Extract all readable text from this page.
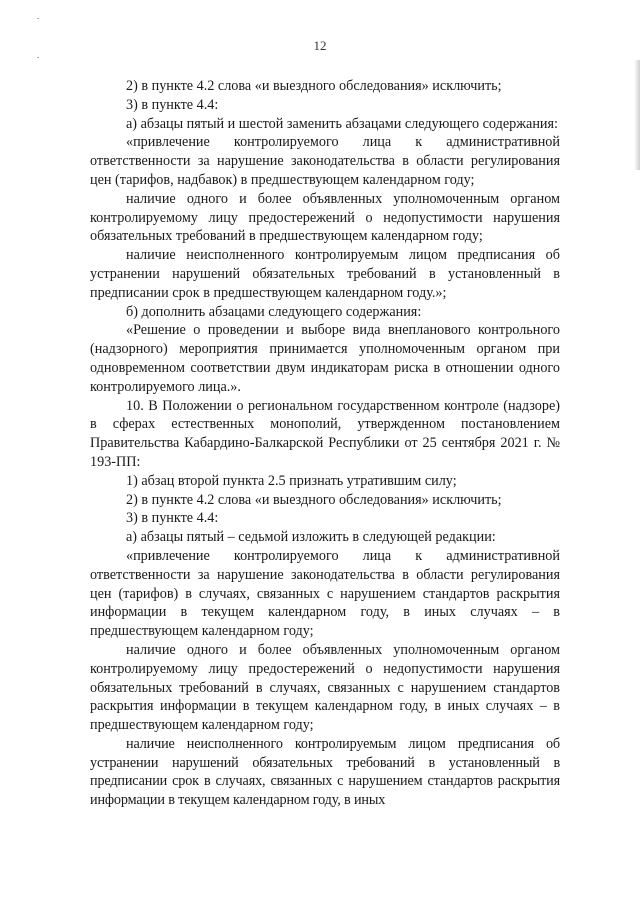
-
-
12

2) в пункте 4.2 слова «и выездного обследования» исключить;

3) в пункте 4.4:

а) абзацы пятый и шестой заменить абзацами следующего содержания:

«привлечение контролируемого лица к административной ответственности за нарушение законодательства в области регулирования цен (тарифов, надбавок) в предшествующем календарном году;

наличие одного и более объявленных уполномоченным органом контролируемому лицу предостережений о недопустимости нарушения обязательных требований в предшествующем календарном году;

наличие неисполненного контролируемым лицом предписания об устранении нарушений обязательных требований в установленный в предписании срок в предшествующем календарном году.»;

б) дополнить абзацами следующего содержания:

«Решение о проведении и выборе вида внепланового контрольного (надзорного) мероприятия принимается уполномоченным органом при одновременном соответствии двум индикаторам риска в отношении одного контролируемого лица.».

10. В Положении о региональном государственном контроле (надзоре) в сферах естественных монополий, утвержденном постановлением Правительства Кабардино-Балкарской Республики от 25 сентября 2021 г. № 193-ПП:

1) абзац второй пункта 2.5 признать утратившим силу;

2) в пункте 4.2 слова «и выездного обследования» исключить;

3) в пункте 4.4:

а) абзацы пятый – седьмой изложить в следующей редакции:

«привлечение контролируемого лица к административной ответственности за нарушение законодательства в области регулирования цен (тарифов) в случаях, связанных с нарушением стандартов раскрытия информации в текущем календарном году, в иных случаях – в предшествующем календарном году;

наличие одного и более объявленных уполномоченным органом контролируемому лицу предостережений о недопустимости нарушения обязательных требований в случаях, связанных с нарушением стандартов раскрытия информации в текущем календарном году, в иных случаях – в предшествующем календарном году;

наличие неисполненного контролируемым лицом предписания об устранении нарушений обязательных требований в установленный в предписании срок в случаях, связанных с нарушением стандартов раскрытия информации в текущем календарном году, в иных
